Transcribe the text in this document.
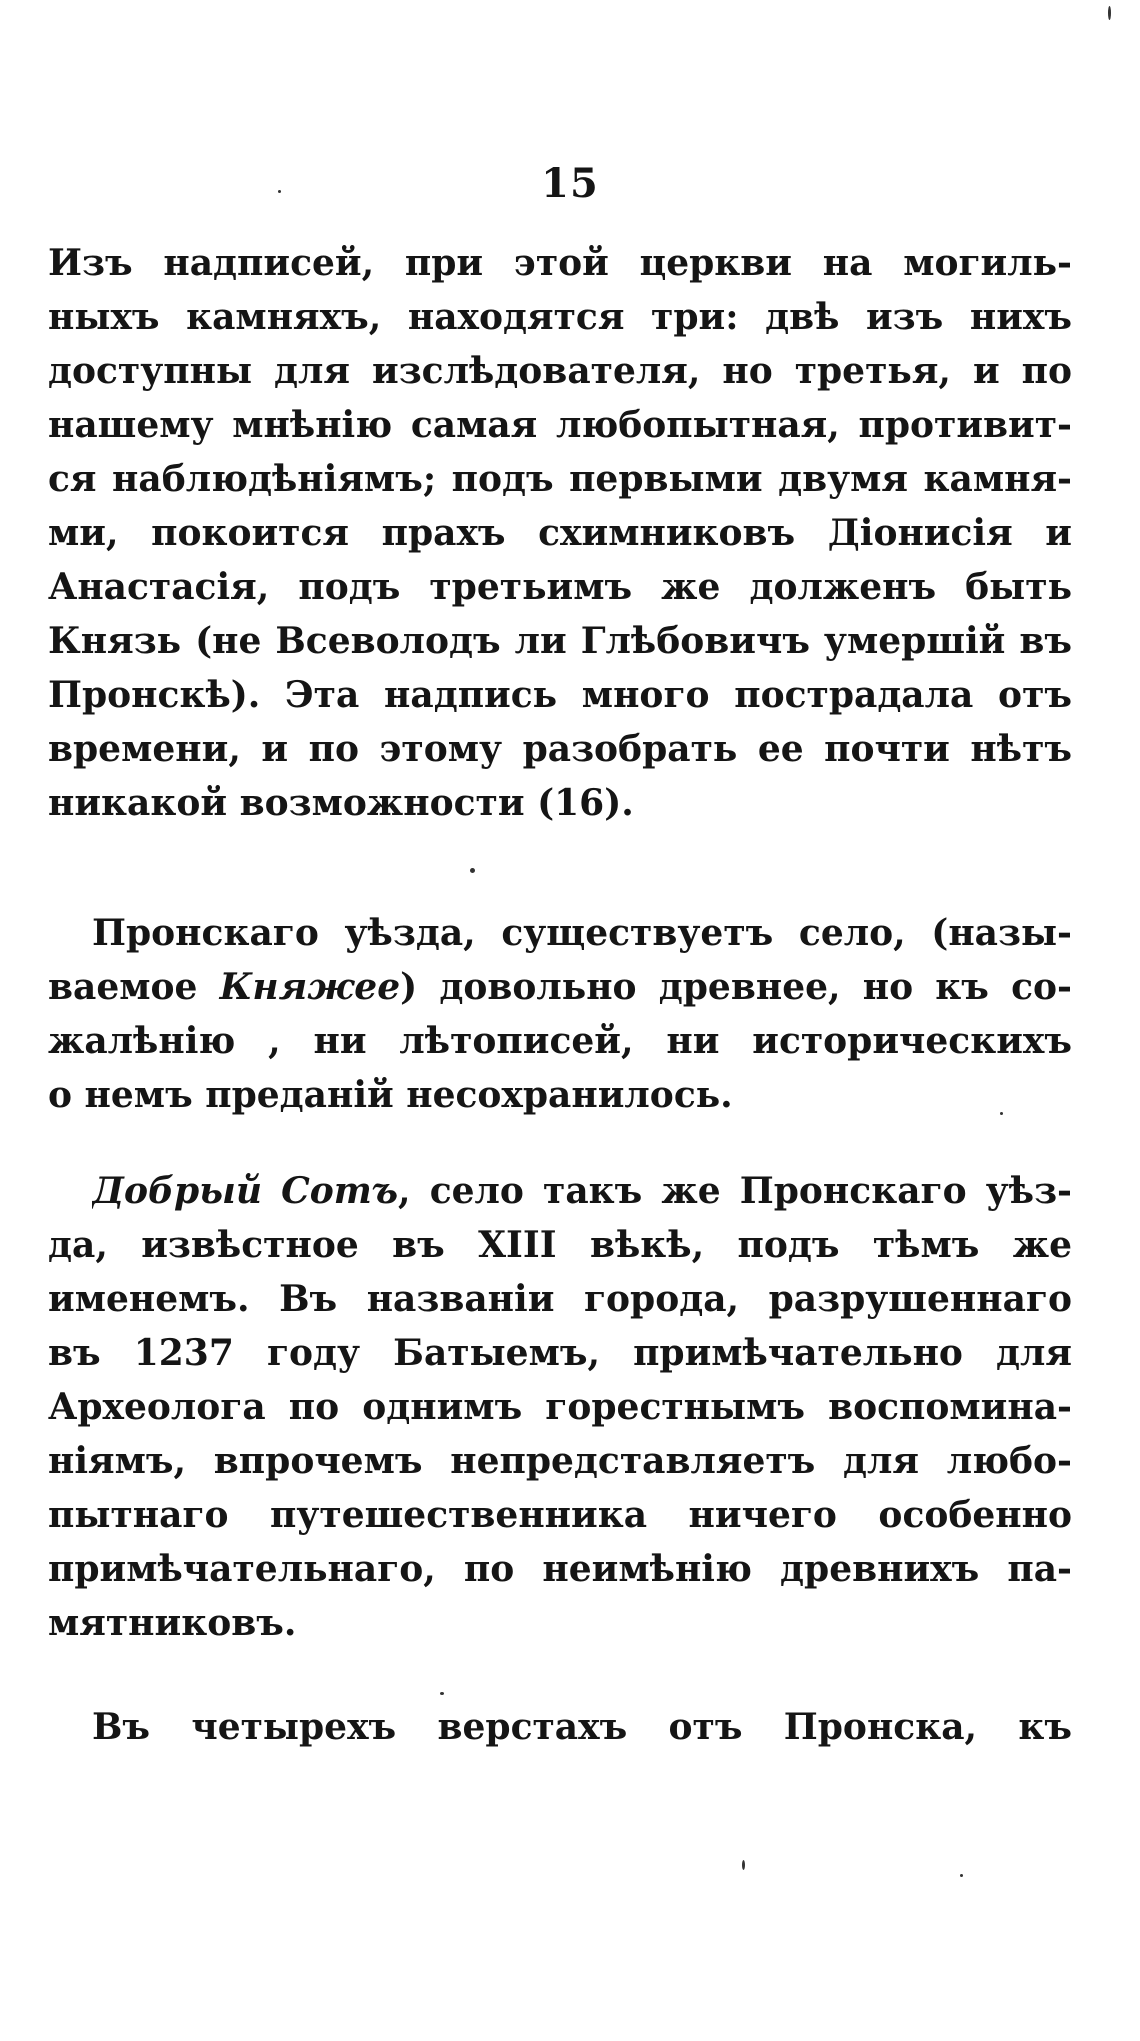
15
Изъ надписей, при этой церкви на могиль-
ныхъ камняхъ, находятся три: двѣ изъ нихъ
доступны для изслѣдователя, но третья, и по
нашему мнѣнію самая любопытная, противит-
ся наблюдѣніямъ; подъ первыми двумя камня-
ми, покоится прахъ схимниковъ Діонисія и
Анастасія, подъ третьимъ же долженъ быть
Князь (не Всеволодъ ли Глѣбовичъ умершій въ
Пронскѣ). Эта надпись много пострадала отъ
времени, и по этому разобрать ее почти нѣтъ
никакой возможности (16).
Пронскаго уѣзда, существуетъ село, (назы-
ваемое Княжее) довольно древнее, но къ со-
жалѣнію , ни лѣтописей, ни историческихъ
о немъ преданій несохранилось.
Добрый Сотъ, село такъ же Пронскаго уѣз-
да, извѣстное въ XIII вѣкѣ, подъ тѣмъ же
именемъ. Въ названіи города, разрушеннаго
въ 1237 году Батыемъ, примѣчательно для
Археолога по однимъ горестнымъ воспомина-
ніямъ, впрочемъ непредставляетъ для любо-
пытнаго путешественника ничего особенно
примѣчательнаго, по неимѣнію древнихъ па-
мятниковъ.
Въ четырехъ верстахъ отъ Пронска, къ
